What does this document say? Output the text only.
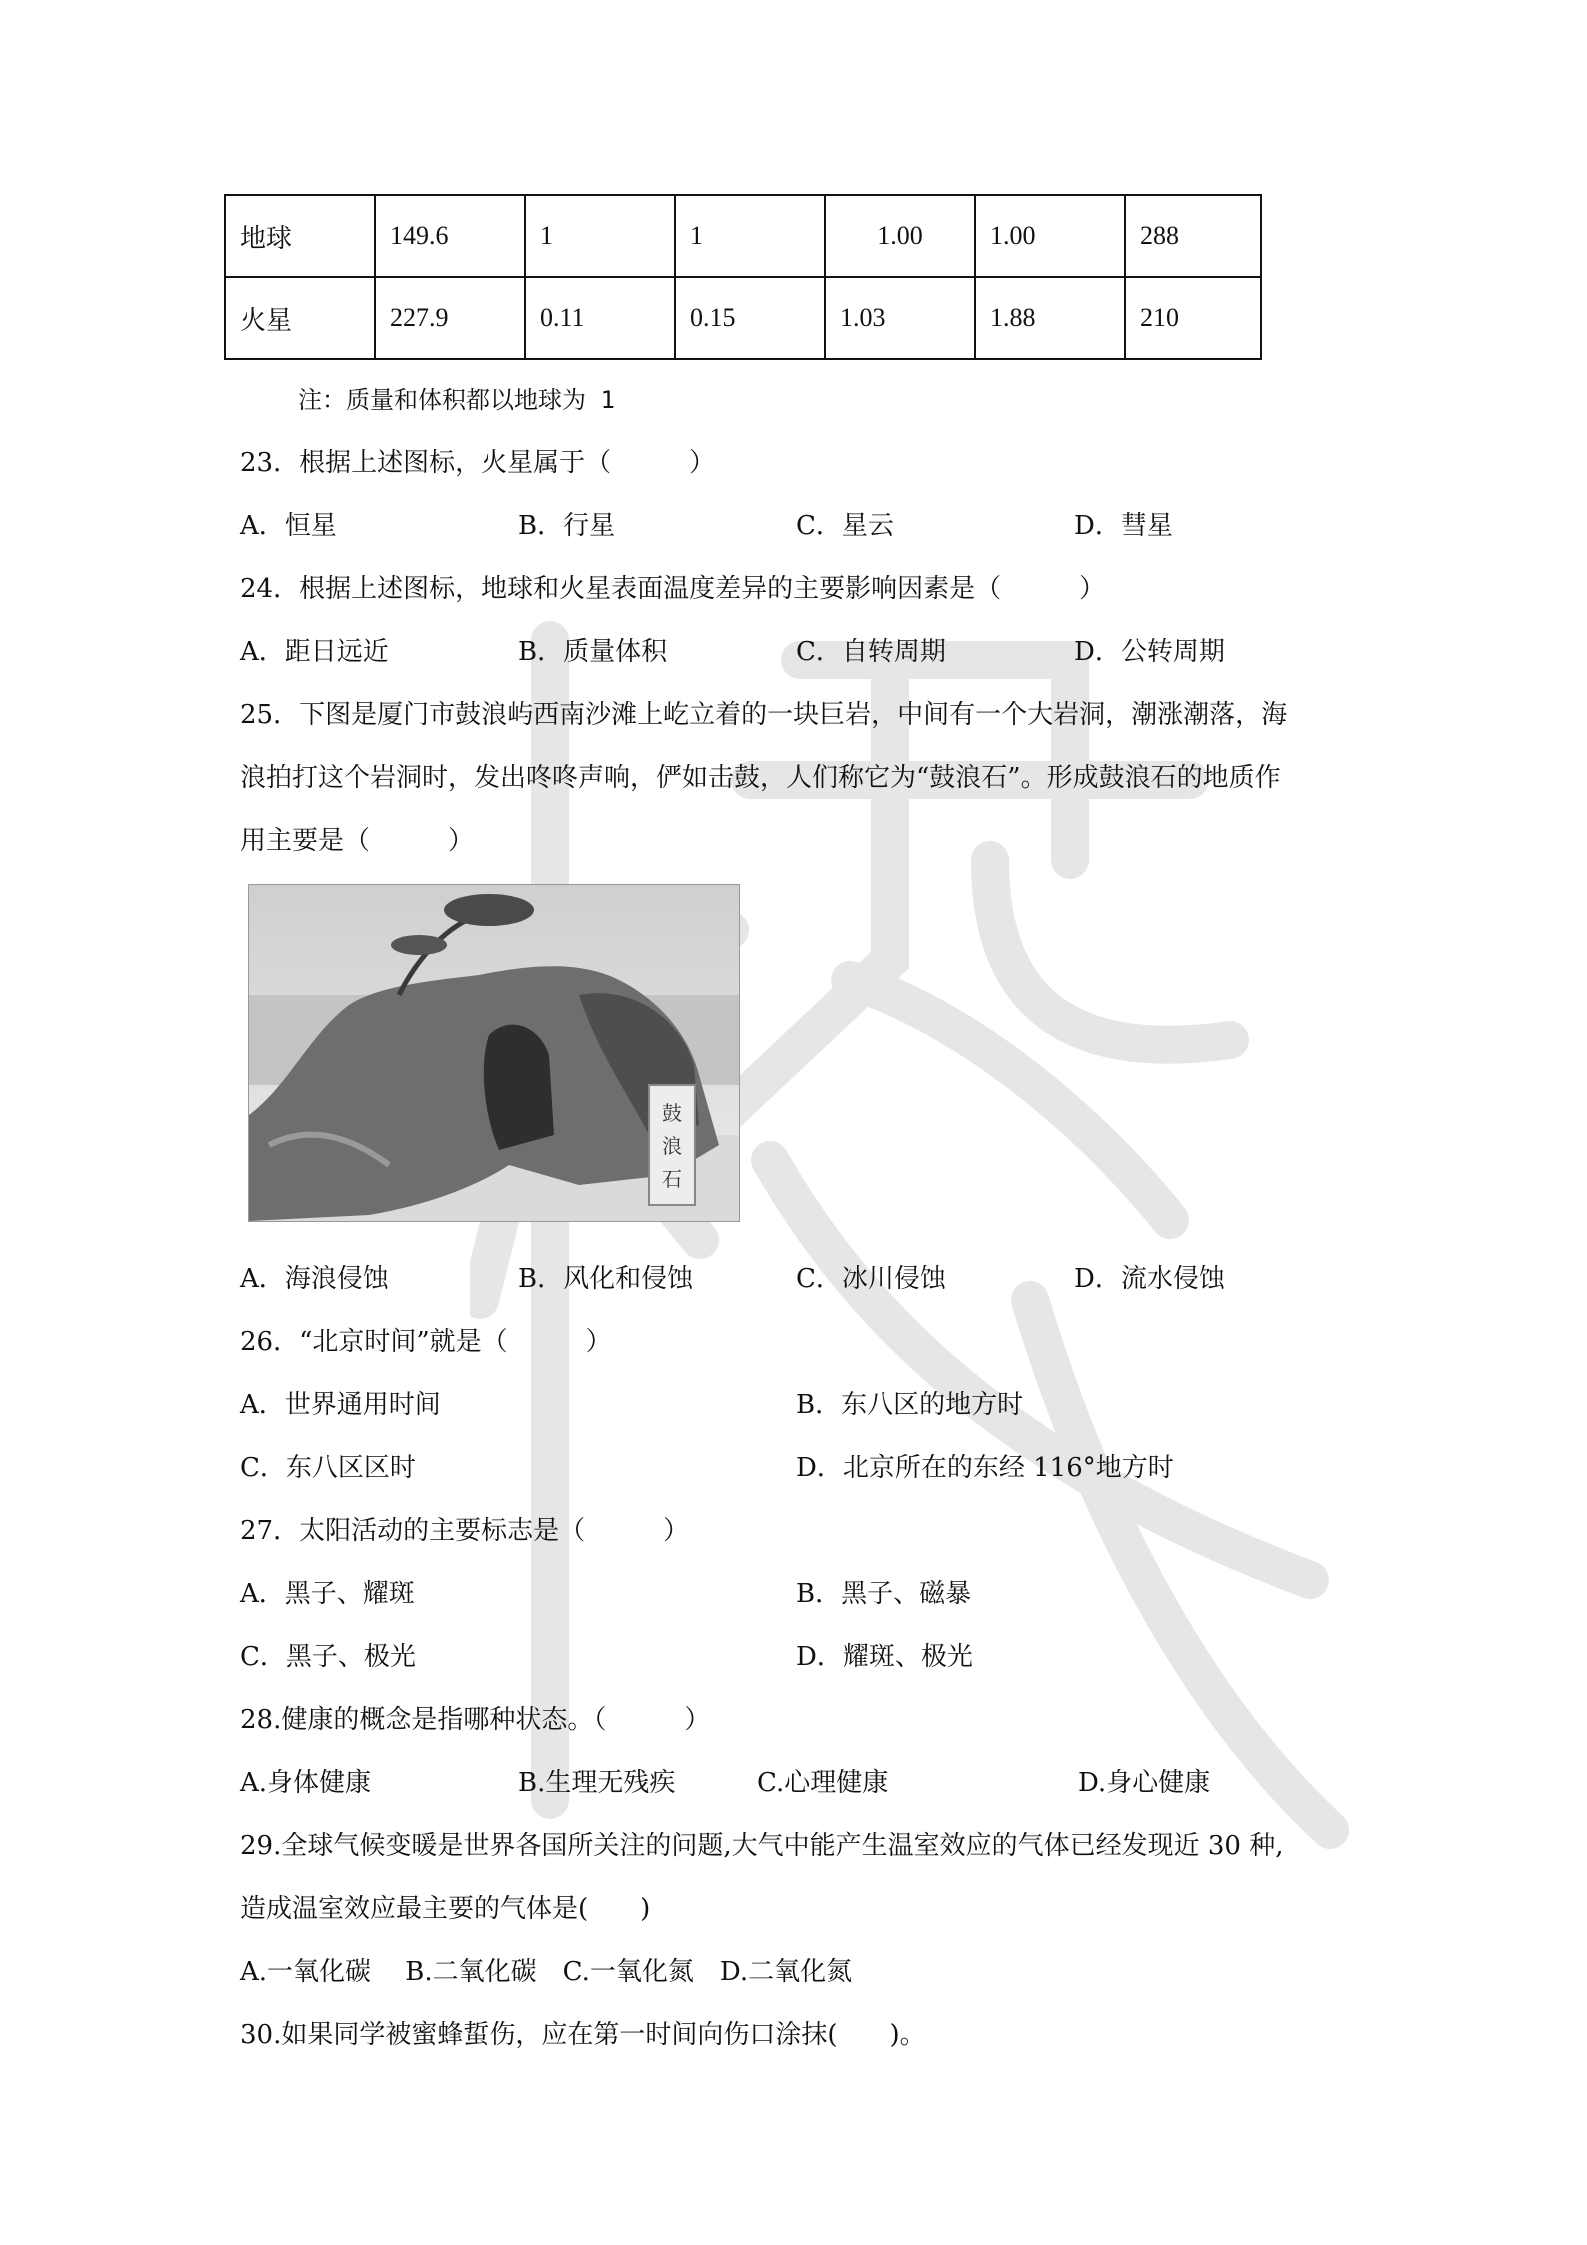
地球	149.6	1	1	1.00	1.00	288
火星	227.9	0.11	0.15	1.03	1.88	210
注：质量和体积都以地球为 1
23．根据上述图标，火星属于（　　　）
A．恒星	B．行星	C．星云	D．彗星
24．根据上述图标，地球和火星表面温度差异的主要影响因素是（　　　）
A．距日远近	B．质量体积	C．自转周期	D．公转周期
25．下图是厦门市鼓浪屿西南沙滩上屹立着的一块巨岩，中间有一个大岩洞，潮涨潮落，海
浪拍打这个岩洞时，发出咚咚声响，俨如击鼓，人们称它为“鼓浪石”。形成鼓浪石的地质作
用主要是（　　　）
鼓
浪
石
A．海浪侵蚀	B．风化和侵蚀	C．冰川侵蚀	D．流水侵蚀
26．“北京时间”就是（　　　）
A．世界通用时间	B．东八区的地方时
C．东八区区时	D．北京所在的东经 116°地方时
27．太阳活动的主要标志是（　　　）
A．黑子、耀斑	B．黑子、磁暴
C．黑子、极光	D．耀斑、极光
28.健康的概念是指哪种状态。（　　　）
A.身体健康	B.生理无残疾	C.心理健康	D.身心健康
29.全球气候变暖是世界各国所关注的问题,大气中能产生温室效应的气体已经发现近 30 种,
造成温室效应最主要的气体是(　　)
A.一氧化碳　 B.二氧化碳　C.一氧化氮　D.二氧化氮
30.如果同学被蜜蜂蜇伤，应在第一时间向伤口涂抹(　　)。
